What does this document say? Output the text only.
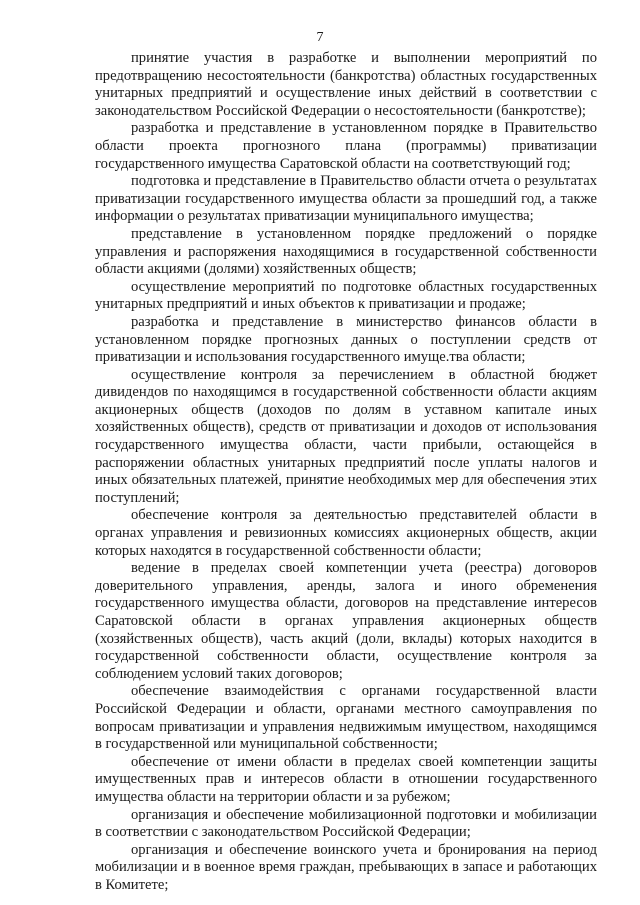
7

принятие участия в разработке и выполнении мероприятий по предотвращению несостоятельности (банкротства) областных государственных унитарных предприятий и осуществление иных действий в соответствии с законодательством Российской Федерации о несостоятельности (банкротстве);

разработка и представление в установленном порядке в Правительство области проекта прогнозного плана (программы) приватизации государственного имущества Саратовской области на соответствующий год;

подготовка и представление в Правительство области отчета о результатах приватизации государственного имущества области за прошедший год, а также информации о результатах приватизации муниципального имущества;

представление в установленном порядке предложений о порядке управления и распоряжения находящимися в государственной собственности области акциями (долями) хозяйственных обществ;

осуществление мероприятий по подготовке областных государственных унитарных предприятий и иных объектов к приватизации и продаже;

разработка и представление в министерство финансов области в установленном порядке прогнозных данных о поступлении средств от приватизации и использования государственного имуще.тва области;

осуществление контроля за перечислением в областной бюджет дивидендов по находящимся в государственной собственности области акциям акционерных обществ (доходов по долям в уставном капитале иных хозяйственных обществ), средств от приватизации и доходов от использования государственного имущества области, части прибыли, остающейся в распоряжении областных унитарных предприятий после уплаты налогов и иных обязательных платежей, принятие необходимых мер для обеспечения этих поступлений;

обеспечение контроля за деятельностью представителей области в органах управления и ревизионных комиссиях акционерных обществ, акции которых находятся в государственной собственности области;

ведение в пределах своей компетенции учета (реестра) договоров доверительного управления, аренды, залога и иного обременения государственного имущества области, договоров на представление интересов Саратовской области в органах управления акционерных обществ (хозяйственных обществ), часть акций (доли, вклады) которых находится в государственной собственности области, осуществление контроля за соблюдением условий таких договоров;

обеспечение взаимодействия с органами государственной власти Российской Федерации и области, органами местного самоуправления по вопросам приватизации и управления недвижимым имуществом, находящимся в государственной или муниципальной собственности;

обеспечение от имени области в пределах своей компетенции защиты имущественных прав и интересов области в отношении государственного имущества области на территории области и за рубежом;

организация и обеспечение мобилизационной подготовки и мобилизации в соответствии с законодательством Российской Федерации;

организация и обеспечение воинского учета и бронирования на период мобилизации и в военное время граждан, пребывающих в запасе и работающих в Комитете;
